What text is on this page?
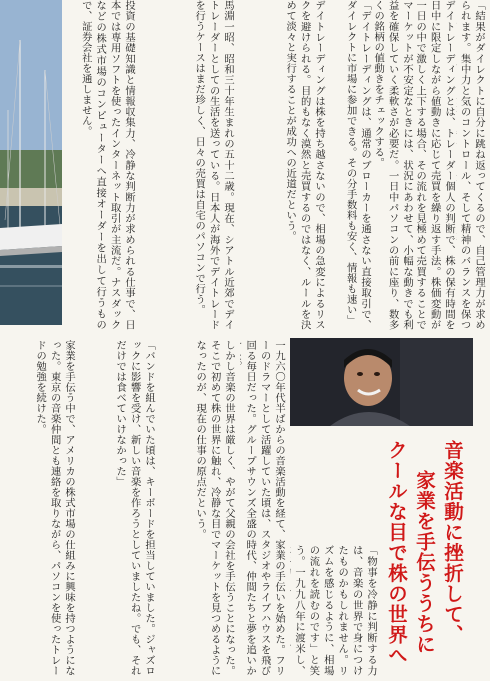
「結果がダイレクトに自分に跳ね返ってくるので、自己管理力が求められます。集中力と気のコントロール、そして精神のバランスを保つ
デイトレーディングとは、トレーダー個人の判断で、株の保有時間を日中に限定しながら値動きに応じて売買を繰り返す手法。株価変動が一日の中で激しく上下する場合、その流れを見極めて売買することで
マーケットが不安定なときには、状況にあわせて、小幅な動きでも利益を確保していく柔軟さが必要だ。一日中パソコンの前に座り、数多くの銘柄の値動きをチェックする。
「デイトレーディングは、通常のブローカーを通さない直接取引で、ダイレクトに市場に参加できる。その分手数料も安く、情報も速い」
投資の基礎知識と情報収集力、冷静な判断力が求められる仕事で、日本では専用ソフトを使ったインターネット取引が主流だ。ナスダックなどの株式市場のコンピューターへ直接オーダーを出して行うもので、証券会社を通しません。	馬淵一昭、昭和三十年生まれの五十二歳。現在、シアトル近郊でデイトレーダーとしての生活を送っている。日本人が海外でデイトレードを行うケースはまだ珍しく、日々の売買は自宅のパソコンで行う。	デイトレーディングは株を持ち越さないので、相場の急変によるリスクを避けられる。目的もなく漠然と売買するのではなく、ルールを決めて淡々と実行することが成功への近道だという。
一九六〇年代半ばからの音楽活動を経て、家業の手伝いを始めた。フリーのドラマーとして活躍していた頃は、スタジオやライブハウスを飛び回る毎日だった。グループサウンズ全盛の時代、仲間たちと夢を追いか
しかし音楽の世界は厳しく、やがて父親の会社を手伝うことになった。そこで初めて株の世界に触れ、冷静な目でマーケットを見つめるようになったのが、現在の仕事の原点だという。
「バンドを組んでいた頃は、キーボードを担当していました。ジャズロックに影響を受け、新しい音楽を作ろうとしていましたね。でも、それだけでは食べていけなかった」
家業を手伝う中で、アメリカの株式市場の仕組みに興味を持つようになった。東京の音楽仲間とも連絡を取りながら、パソコンを使ったトレードの勉強を続けた。
「物事を冷静に判断する力は、音楽の世界で身につけたものかもしれません。リズムを感じるように、相場の流れを読むのです」と笑う。一九九八年に渡米し、
音楽活動に挫折して、
家業を手伝ううちに
クールな目で株の世界へ
